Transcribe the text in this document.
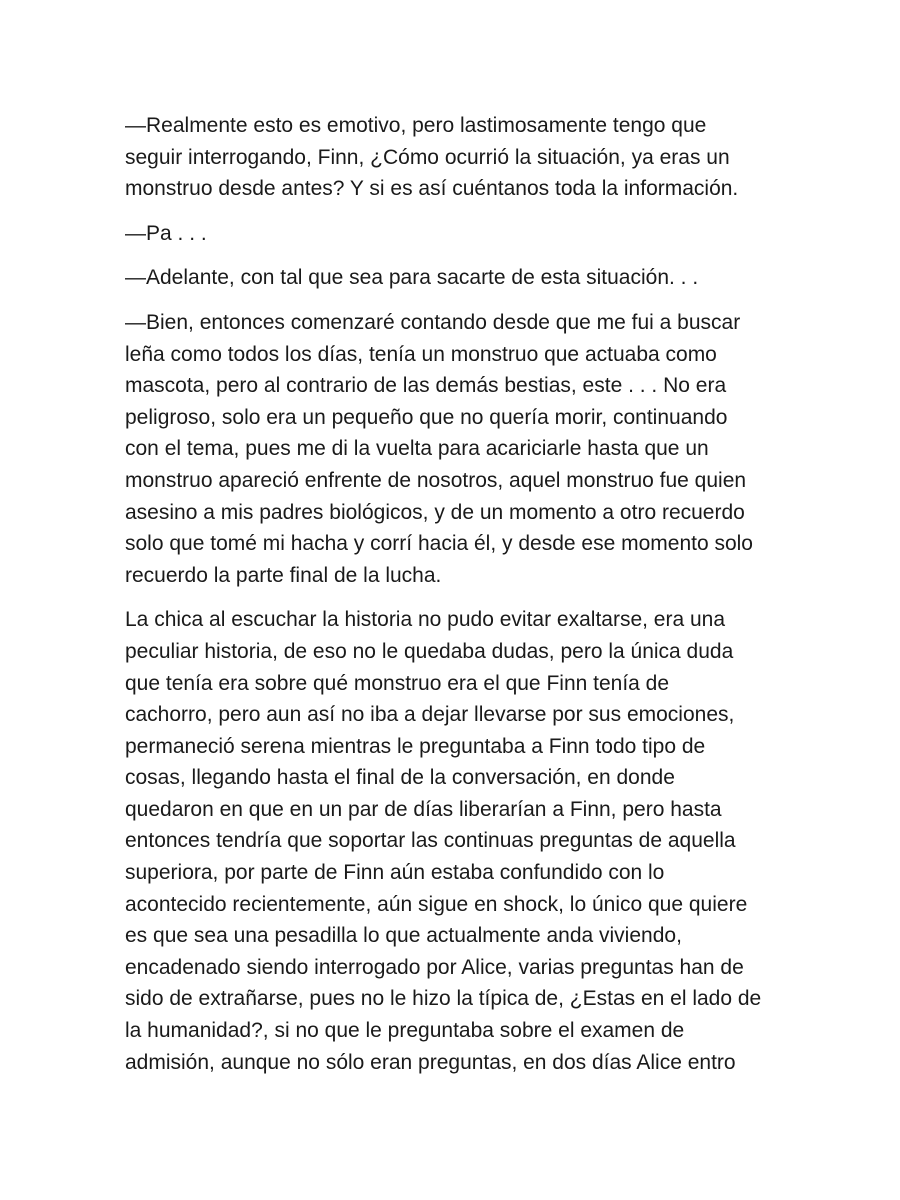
—Realmente esto es emotivo, pero lastimosamente tengo que
seguir interrogando, Finn, ¿Cómo ocurrió la situación, ya eras un
monstruo desde antes? Y si es así cuéntanos toda la información.

—Pa . . .

—Adelante, con tal que sea para sacarte de esta situación. . .

—Bien, entonces comenzaré contando desde que me fui a buscar
leña como todos los días, tenía un monstruo que actuaba como
mascota, pero al contrario de las demás bestias, este . . . No era
peligroso, solo era un pequeño que no quería morir, continuando
con el tema, pues me di la vuelta para acariciarle hasta que un
monstruo apareció enfrente de nosotros, aquel monstruo fue quien
asesino a mis padres biológicos, y de un momento a otro recuerdo
solo que tomé mi hacha y corrí hacia él, y desde ese momento solo
recuerdo la parte final de la lucha.

La chica al escuchar la historia no pudo evitar exaltarse, era una
peculiar historia, de eso no le quedaba dudas, pero la única duda
que tenía era sobre qué monstruo era el que Finn tenía de
cachorro, pero aun así no iba a dejar llevarse por sus emociones,
permaneció serena mientras le preguntaba a Finn todo tipo de
cosas, llegando hasta el final de la conversación, en donde
quedaron en que en un par de días liberarían a Finn, pero hasta
entonces tendría que soportar las continuas preguntas de aquella
superiora, por parte de Finn aún estaba confundido con lo
acontecido recientemente, aún sigue en shock, lo único que quiere
es que sea una pesadilla lo que actualmente anda viviendo,
encadenado siendo interrogado por Alice, varias preguntas han de
sido de extrañarse, pues no le hizo la típica de, ¿Estas en el lado de
la humanidad?, si no que le preguntaba sobre el examen de
admisión, aunque no sólo eran preguntas, en dos días Alice entro
